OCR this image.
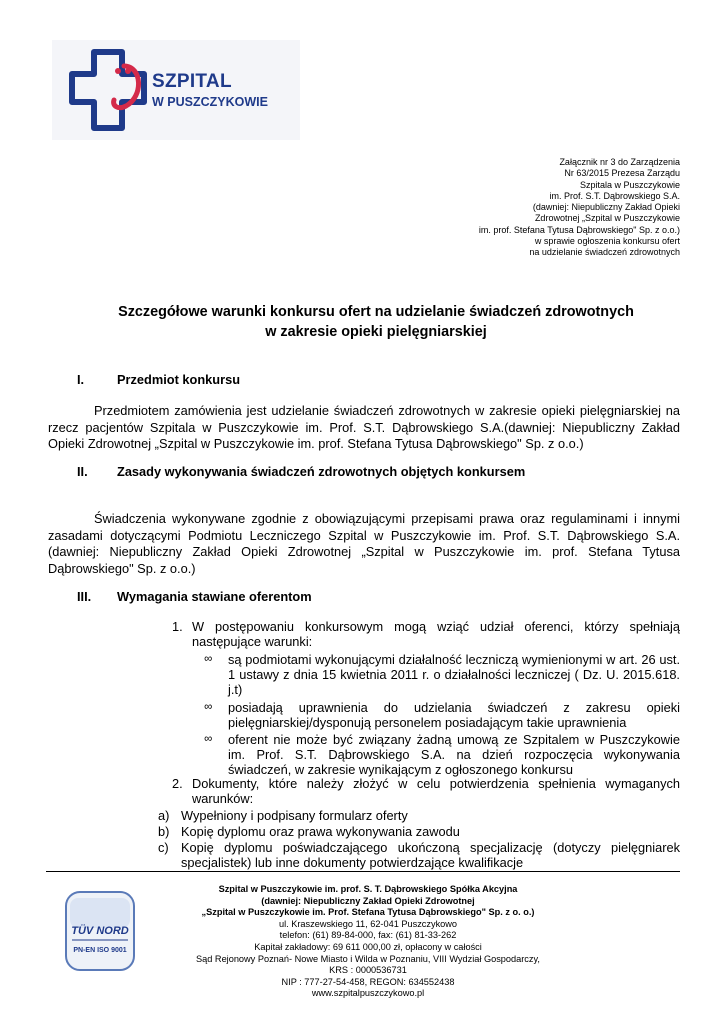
SZPITAL
W PUSZCZYKOWIE
Załącznik nr 3 do Zarządzenia
Nr 63/2015 Prezesa Zarządu
Szpitala w Puszczykowie
im. Prof. S.T. Dąbrowskiego S.A.
(dawniej: Niepubliczny Zakład Opieki
Zdrowotnej „Szpital w Puszczykowie
im. prof. Stefana Tytusa Dąbrowskiego" Sp. z o.o.)
w sprawie ogłoszenia konkursu ofert
na udzielanie świadczeń zdrowotnych
Szczegółowe warunki konkursu ofert na udzielanie świadczeń zdrowotnych
w zakresie opieki pielęgniarskiej
I.	Przedmiot konkursu

Przedmiotem zamówienia jest udzielanie świadczeń zdrowotnych w zakresie opieki pielęgniarskiej na rzecz pacjentów Szpitala w Puszczykowie im. Prof. S.T. Dąbrowskiego S.A.(dawniej: Niepubliczny Zakład Opieki Zdrowotnej „Szpital w Puszczykowie im. prof. Stefana Tytusa Dąbrowskiego" Sp. z o.o.)

II. Zasady wykonywania świadczeń zdrowotnych objętych konkursem

Świadczenia wykonywane zgodnie z obowiązującymi przepisami prawa oraz regulaminami i innymi zasadami dotyczącymi Podmiotu Leczniczego Szpital w Puszczykowie im. Prof. S.T. Dąbrowskiego S.A. (dawniej: Niepubliczny Zakład Opieki Zdrowotnej „Szpital w Puszczykowie im. prof. Stefana Tytusa Dąbrowskiego" Sp. z o.o.)

III. Wymagania stawiane oferentom
1. W postępowaniu konkursowym mogą wziąć udział oferenci, którzy spełniają następujące warunki:

∞ są podmiotami wykonującymi działalność leczniczą wymienionymi w art. 26 ust. 1 ustawy z dnia 15 kwietnia 2011 r. o działalności leczniczej ( Dz. U. 2015.618. j.t)
∞ posiadają uprawnienia do udzielania świadczeń z zakresu opieki pielęgniarskiej/dysponują personelem posiadającym takie uprawnienia
∞ oferent nie może być związany żadną umową ze Szpitalem w Puszczykowie im. Prof. S.T. Dąbrowskiego S.A. na dzień rozpoczęcia wykonywania świadczeń, w zakresie wynikającym z ogłoszonego konkursu
2. Dokumenty, które należy złożyć w celu potwierdzenia spełnienia wymaganych warunków:

a) Wypełniony i podpisany formularz oferty
b) Kopię dyplomu oraz prawa wykonywania zawodu
c) Kopię dyplomu poświadczającego ukończoną specjalizację (dotyczy pielęgniarek specjalistek) lub inne dokumenty potwierdzające kwalifikacje

TÜV NORD
PN-EN ISO 9001
Szpital w Puszczykowie im. prof. S. T. Dąbrowskiego Spółka Akcyjna
(dawniej: Niepubliczny Zakład Opieki Zdrowotnej
„Szpital w Puszczykowie im. Prof. Stefana Tytusa Dąbrowskiego" Sp. z o. o.)
ul. Kraszewskiego 11, 62-041 Puszczykowo
telefon: (61) 89-84-000, fax: (61) 81-33-262
Kapitał zakładowy: 69 611 000,00 zł, opłacony w całości
Sąd Rejonowy Poznań- Nowe Miasto i Wilda w Poznaniu, VIII Wydział Gospodarczy,
KRS : 0000536731
NIP : 777-27-54-458, REGON: 634552438
www.szpitalpuszczykowo.pl
